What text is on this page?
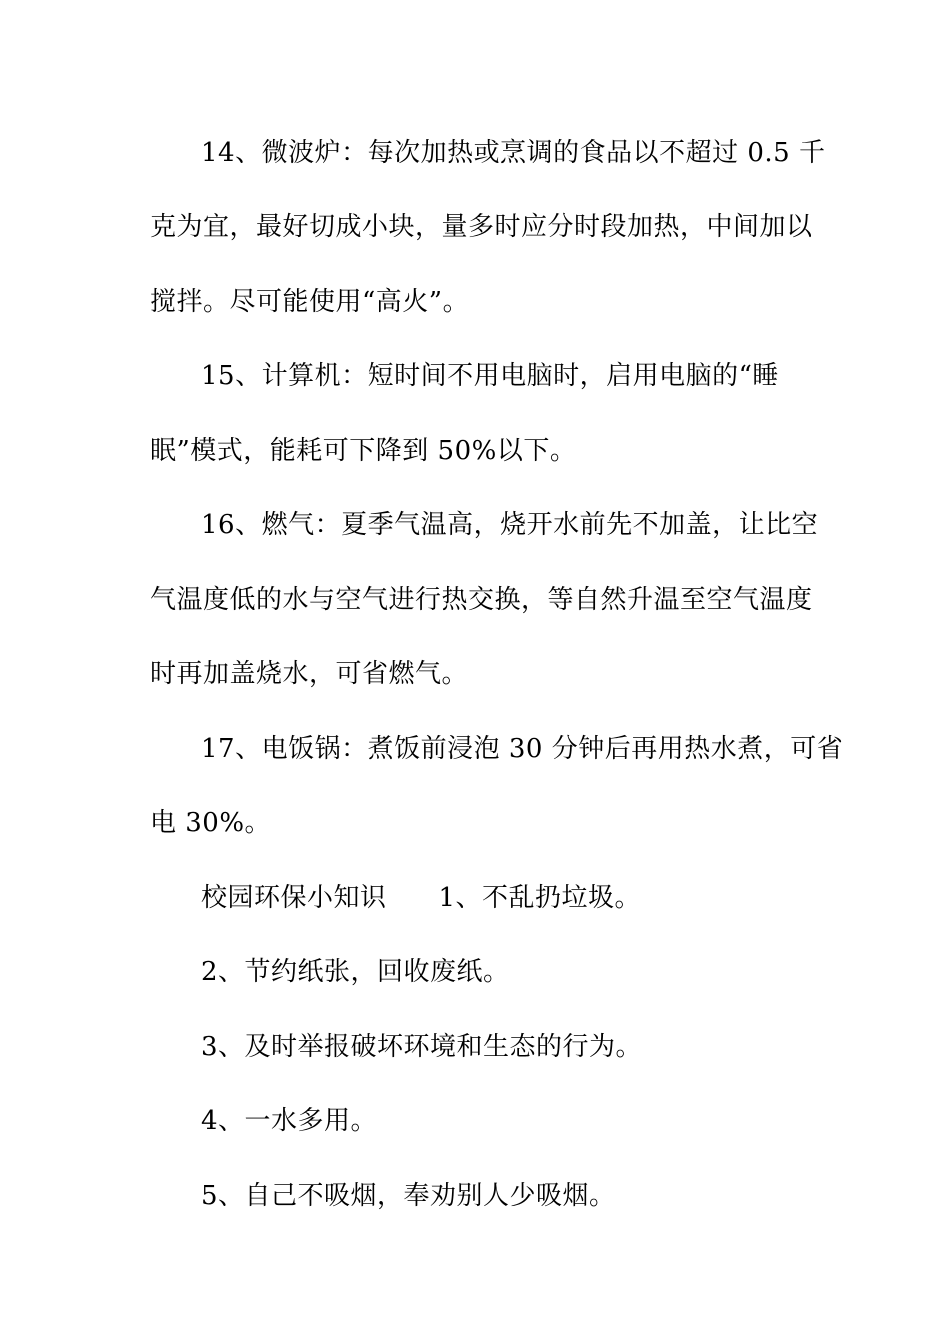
14、微波炉：每次加热或烹调的食品以不超过 0.5 千

克为宜，最好切成小块，量多时应分时段加热，中间加以

搅拌。尽可能使用“高火”。

15、计算机：短时间不用电脑时，启用电脑的“睡

眠”模式，能耗可下降到 50%以下。

16、燃气：夏季气温高，烧开水前先不加盖，让比空

气温度低的水与空气进行热交换，等自然升温至空气温度

时再加盖烧水，可省燃气。

17、电饭锅：煮饭前浸泡 30 分钟后再用热水煮，可省

电 30%。

校园环保小知识 1、不乱扔垃圾。

2、节约纸张，回收废纸。

3、及时举报破坏环境和生态的行为。

4、一水多用。

5、自己不吸烟，奉劝别人少吸烟。
